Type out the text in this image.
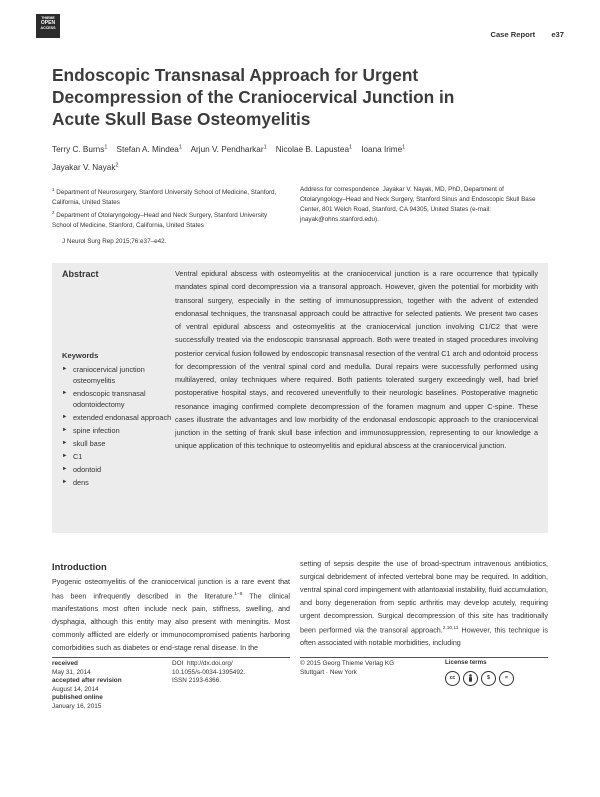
THIEME
OPEN
ACCESS
Case Report e37
Endoscopic Transnasal Approach for Urgent
Decompression of the Craniocervical Junction in
Acute Skull Base Osteomyelitis
Terry C. Burns$^1$ Stefan A. Mindea$^1$ Arjun V. Pendharkar$^1$ Nicolae B. Lapustea$^1$ Ioana Irime$^1$
Jayakar V. Nayak$^2$
$^1$ Department of Neurosurgery, Stanford University School of Medicine, Stanford, California, United States
$^2$ Department of Otolaryngology–Head and Neck Surgery, Stanford University School of Medicine, Stanford, California, United States
Address for correspondence Jayakar V. Nayak, MD, PhD, Department of Otolaryngology–Head and Neck Surgery, Stanford Sinus and Endoscopic Skull Base Center, 801 Welch Road, Stanford, CA 94305, United States (e-mail: jnayak@ohns.stanford.edu).
J Neurol Surg Rep 2015;76:e37–e42.
Abstract	Ventral epidural abscess with osteomyelitis at the craniocervical junction is a rare occurrence that typically mandates spinal cord decompression via a transoral approach. However, given the potential for morbidity with transoral surgery, especially in the setting of immunosuppression, together with the advent of extended endonasal techniques, the transnasal approach could be attractive for selected patients. We present two cases of ventral epidural abscess and osteomyelitis at the craniocervical junction involving C1/C2 that were successfully treated via the endoscopic transnasal approach. Both were treated in staged procedures involving posterior cervical fusion followed by endoscopic transnasal resection of the ventral C1 arch and odontoid process for decompression of the ventral spinal cord and medulla. Dural repairs were successfully performed using multilayered, onlay techniques where required. Both patients tolerated surgery exceedingly well, had brief postoperative hospital stays, and recovered uneventfully to their neurologic baselines. Postoperative magnetic resonance imaging confirmed complete decompression of the foramen magnum and upper C-spine. These cases illustrate the advantages and low morbidity of the endonasal endoscopic approach to the craniocervical junction in the setting of frank skull base infection and immunosuppression, representing to our knowledge a unique application of this technique to osteomyelitis and epidural abscess at the craniocervical junction.

Keywords
► craniocervical junction osteomyelitis
► endoscopic transnasal odontoidectomy
► extended endonasal approach
► spine infection
► skull base
► C1
► odontoid
► dens
Introduction

Pyogenic osteomyelitis of the craniocervical junction is a rare event that has been infrequently described in the literature.$^{1-9}$ The clinical manifestations most often include neck pain, stiffness, swelling, and dysphagia, although this entity may also present with meningitis. Most commonly afflicted are elderly or immunocompromised patients harboring comorbidities such as diabetes or end-stage renal disease. In the

setting of sepsis despite the use of broad-spectrum intravenous antibiotics, surgical debridement of infected vertebral bone may be required. In addition, ventral spinal cord impingement with atlantoaxial instability, fluid accumulation, and bony degeneration from septic arthritis may develop acutely, requiring urgent decompression. Surgical decompression of this site has traditionally been performed via the transoral approach.$^{2,10,11}$ However, this technique is often associated with notable morbidities, including

received
May 31, 2014
accepted after revision
August 14, 2014
published online
January 16, 2015
DOI http://dx.doi.org/
10.1055/s-0034-1395492.
ISSN 2193-6366.
© 2015 Georg Thieme Verlag KG
Stuttgart · New York
License terms
cc	$	=
